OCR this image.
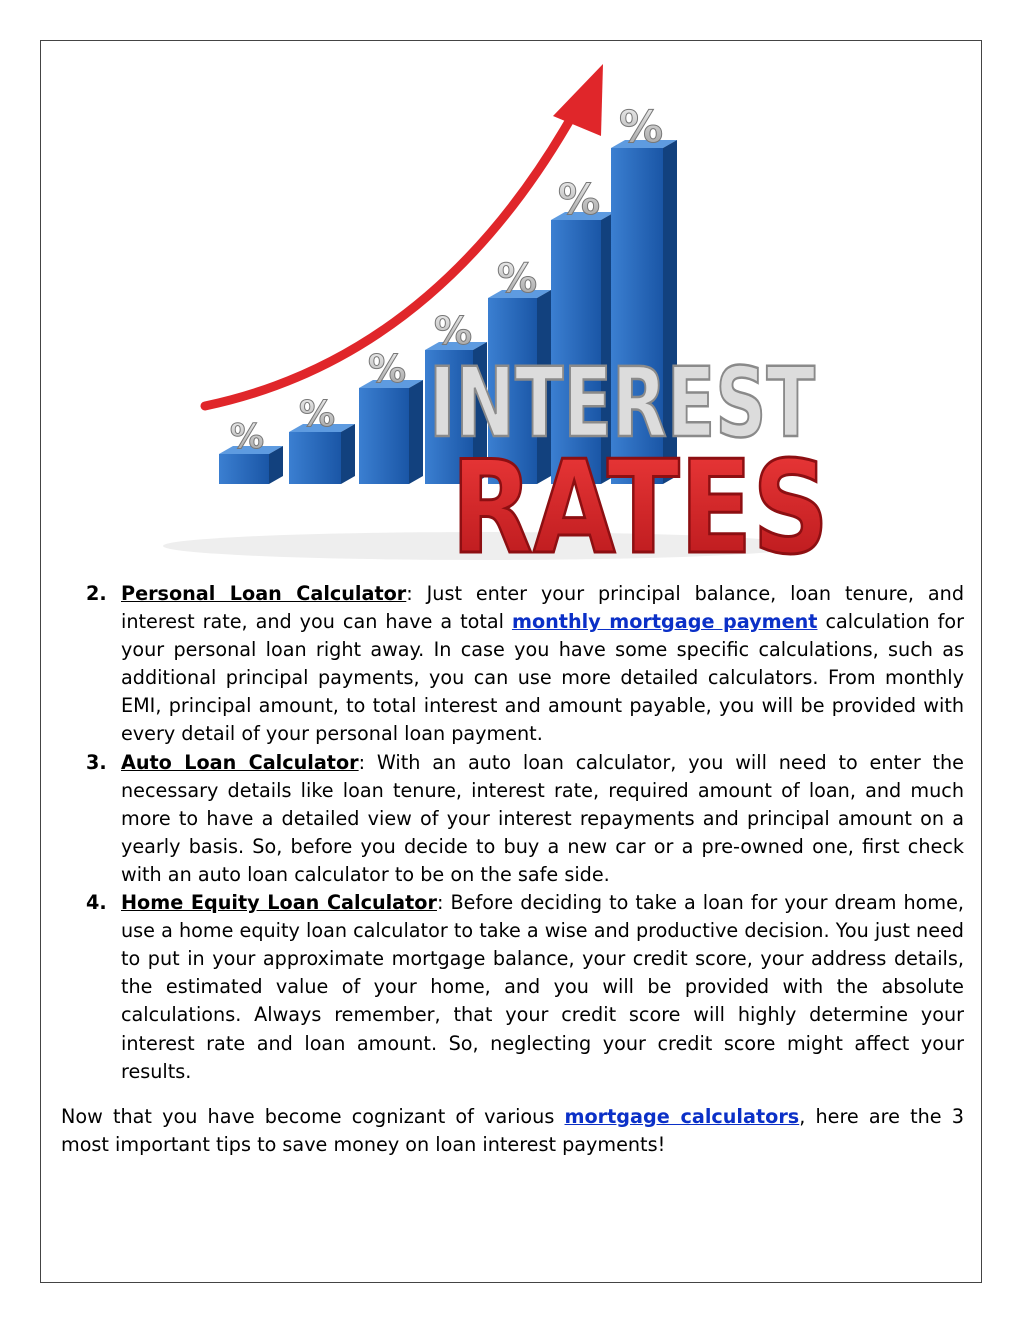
%
%
%
%
%
%
%
INTEREST
RATES
2. Personal Loan Calculator: Just enter your principal balance, loan tenure, and interest rate, and you can have a total monthly mortgage payment calculation for your personal loan right away. In case you have some specific calculations, such as additional principal payments, you can use more detailed calculators. From monthly EMI, principal amount, to total interest and amount payable, you will be provided with every detail of your personal loan payment.
3. Auto Loan Calculator: With an auto loan calculator, you will need to enter the necessary details like loan tenure, interest rate, required amount of loan, and much more to have a detailed view of your interest repayments and principal amount on a yearly basis. So, before you decide to buy a new car or a pre-owned one, first check with an auto loan calculator to be on the safe side.
4. Home Equity Loan Calculator: Before deciding to take a loan for your dream home, use a home equity loan calculator to take a wise and productive decision. You just need to put in your approximate mortgage balance, your credit score, your address details, the estimated value of your home, and you will be provided with the absolute calculations. Always remember, that your credit score will highly determine your interest rate and loan amount. So, neglecting your credit score might affect your results.

Now that you have become cognizant of various mortgage calculators, here are the 3 most important tips to save money on loan interest payments!
